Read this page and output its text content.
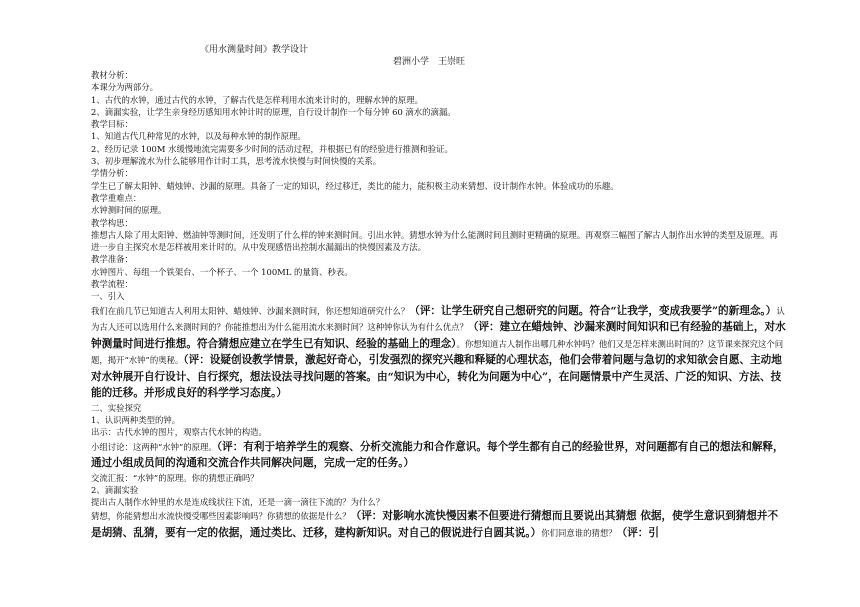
《用水测量时间》教学设计
碧洲小学　王崇旺
教材分析：
本课分为两部分。
1、古代的水钟，通过古代的水钟，了解古代是怎样利用水流来计时的，理解水钟的原理。
2、滴漏实验，让学生亲身经历感知用水钟计时的原理，自行设计制作一个每分钟 60 滴水的滴漏。
教学目标：
1、知道古代几种常见的水钟，以及每种水钟的制作原理。
2、经历记录 100M 水缓慢地流完需要多少时间的活动过程，并根据已有的经验进行推测和验证。
3、初步理解流水为什么能够用作计时工具，思考流水快慢与时间快慢的关系。
学情分析：
学生已了解太阳钟、蜡烛钟、沙漏的原理。具备了一定的知识，经过移迁，类比的能力，能积极主动来猜想、设计制作水钟。体验成功的乐趣。
教学重难点：
水钟测时间的原理。
教学构思：
推想古人除了用太阳钟、燃油钟等测时间，还发明了什么样的钟来测时间。引出水钟。猜想水钟为什么能测时间且测时更精确的原理。再观察三幅图了解古人制作出水钟的类型及原理。再进一步自主探究水是怎样被用来计时的。从中发现感悟出控制水漏漏出的快慢因素及方法。
教学准备：
水钟图片、每组一个铁架台、一个杯子、一个 100ML 的量筒、秒表。
教学流程：
一、引入
我们在前几节已知道古人利用太阳钟、蜡烛钟、沙漏来测时间，你还想知道研究什么？（评：让学生研究自己想研究的问题。符合“让我学，变成我要学”的新理念。）认为古人还可以选用什么来测时间的？你能推想出为什么能用流水来测时间？这种钟你认为有什么优点？（评：建立在蜡烛钟、沙漏来测时间知识和已有经验的基础上，对水钟测量时间进行推想。符合猜想应建立在学生已有知识、经验的基础上的理念）。你想知道古人制作出哪几种水钟吗？他们又是怎样来测出时间的？这节课来探究这个问题，揭开“水钟”的奥秘。（评：设疑创设教学情景，激起好奇心，引发强烈的探究兴趣和释疑的心理状态，他们会带着问题与急切的求知欲会自愿、主动地对水钟展开自行设计、自行探究，想法设法寻找问题的答案。由“知识为中心，转化为问题为中心”，在问题情景中产生灵活、广泛的知识、方法、技能的迁移。并形成良好的科学学习态度。）
二、实验探究
1、认识两种类型的钟。
出示：古代水钟的图片，观察古代水钟的构造。
小组讨论：这两种“水钟”的原理。（评：有利于培养学生的观察、分析交流能力和合作意识。每个学生都有自己的经验世界，对问题都有自己的想法和解释，通过小组成员间的沟通和交流合作共同解决问题，完成一定的任务。）
交流汇报：“水钟”的原理。你的猜想正确吗？
2、滴漏实验
提出古人制作水钟里的水是连成线状往下流，还是一滴一滴往下流的？为什么？
猜想，你能猜想出水流快慢受哪些因素影响吗？你猜想的依据是什么？（评：对影响水流快慢因素不但要进行猜想而且要说出其猜想 依据，使学生意识到猜想并不是胡猜、乱猜，要有一定的依据，通过类比、迁移，建构新知识。对自己的假说进行自圆其说。）你们同意谁的猜想？（评：引
